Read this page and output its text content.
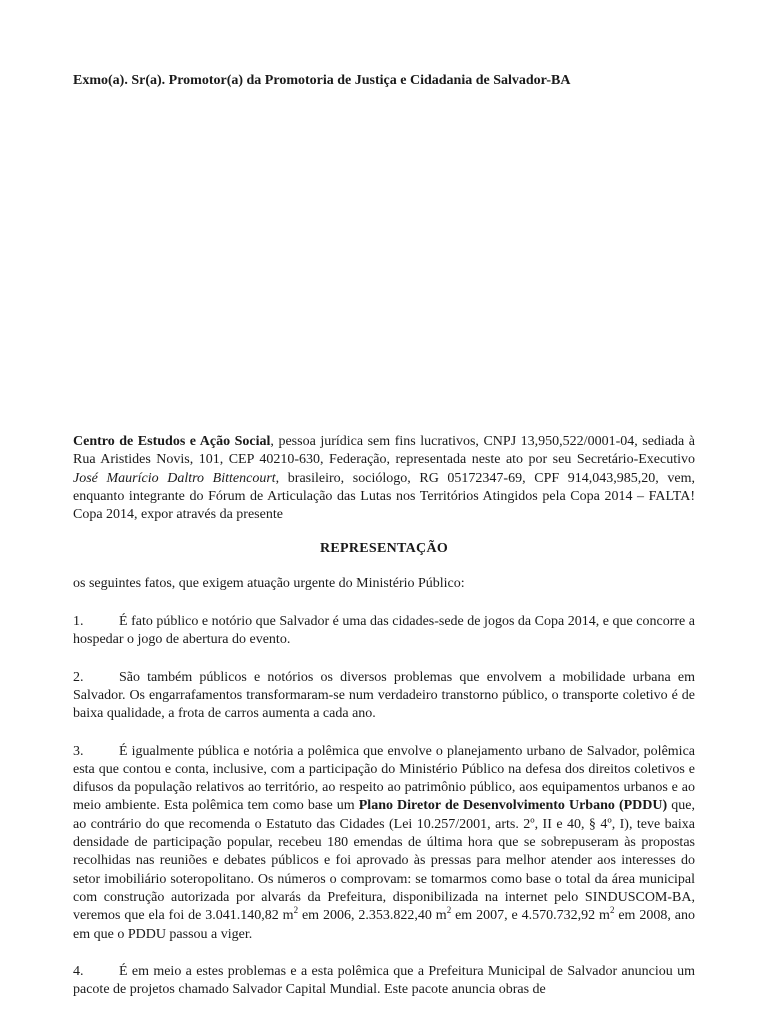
Exmo(a). Sr(a). Promotor(a) da Promotoria de Justiça e Cidadania de Salvador-BA

Centro de Estudos e Ação Social, pessoa jurídica sem fins lucrativos, CNPJ 13,950,522/0001-04, sediada à Rua Aristides Novis, 101, CEP 40210-630, Federação, representada neste ato por seu Secretário-Executivo José Maurício Daltro Bittencourt, brasileiro, sociólogo, RG 05172347-69, CPF 914,043,985,20, vem, enquanto integrante do Fórum de Articulação das Lutas nos Territórios Atingidos pela Copa 2014 – FALTA! Copa 2014, expor através da presente

REPRESENTAÇÃO

os seguintes fatos, que exigem atuação urgente do Ministério Público:

1.	É fato público e notório que Salvador é uma das cidades-sede de jogos da Copa 2014, e que concorre a hospedar o jogo de abertura do evento.

2.	São também públicos e notórios os diversos problemas que envolvem a mobilidade urbana em Salvador. Os engarrafamentos transformaram-se num verdadeiro transtorno público, o transporte coletivo é de baixa qualidade, a frota de carros aumenta a cada ano.

3.	É igualmente pública e notória a polêmica que envolve o planejamento urbano de Salvador, polêmica esta que contou e conta, inclusive, com a participação do Ministério Público na defesa dos direitos coletivos e difusos da população relativos ao território, ao respeito ao patrimônio público, aos equipamentos urbanos e ao meio ambiente. Esta polêmica tem como base um Plano Diretor de Desenvolvimento Urbano (PDDU) que, ao contrário do que recomenda o Estatuto das Cidades (Lei 10.257/2001, arts. 2º, II e 40, § 4º, I), teve baixa densidade de participação popular, recebeu 180 emendas de última hora que se sobrepuseram às propostas recolhidas nas reuniões e debates públicos e foi aprovado às pressas para melhor atender aos interesses do setor imobiliário soteropolitano. Os números o comprovam: se tomarmos como base o total da área municipal com construção autorizada por alvarás da Prefeitura, disponibilizada na internet pelo SINDUSCOM-BA, veremos que ela foi de 3.041.140,82 $m^2$ em 2006, 2.353.822,40 $m^2$ em 2007, e 4.570.732,92 $m^2$ em 2008, ano em que o PDDU passou a viger.

4.	É em meio a estes problemas e a esta polêmica que a Prefeitura Municipal de Salvador anunciou um pacote de projetos chamado Salvador Capital Mundial. Este pacote anuncia obras de
